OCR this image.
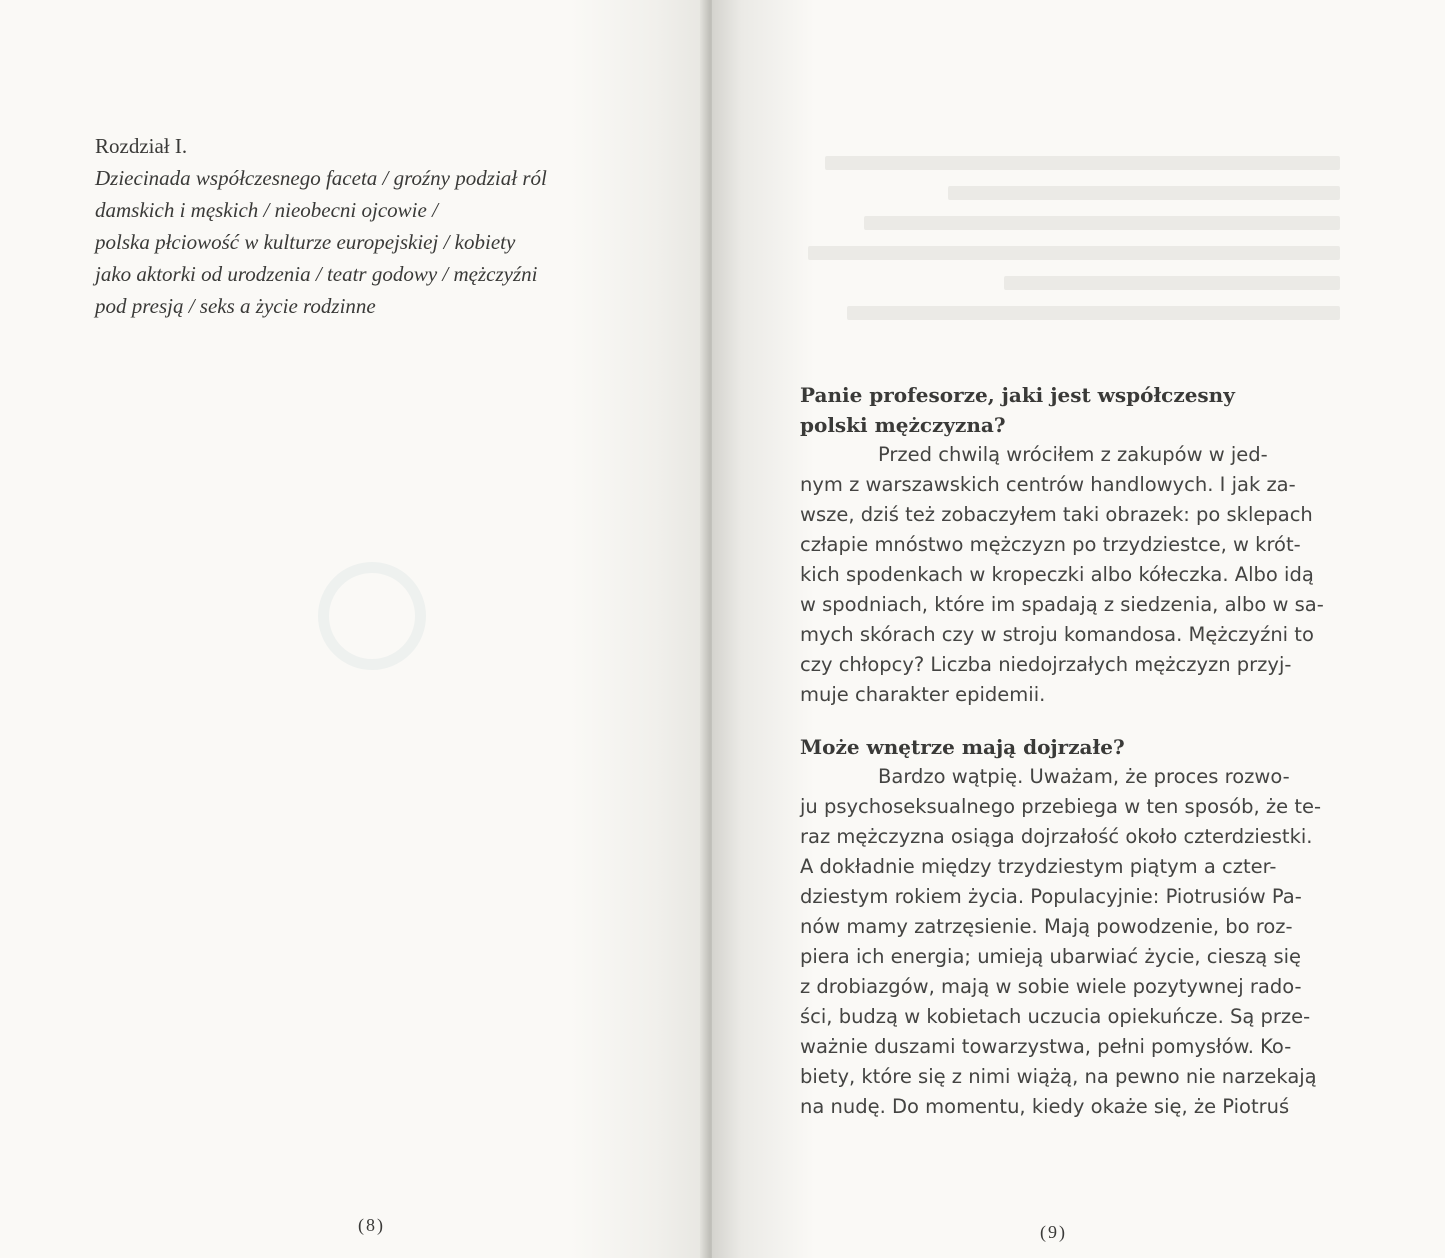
Rozdział I.
Dziecinada współczesnego faceta / groźny podział ról
damskich i męskich / nieobecni ojcowie /
polska płciowość w kulturze europejskiej / kobiety
jako aktorki od urodzenia / teatr godowy / mężczyźni
pod presją / seks a życie rodzinne
(8)

Panie profesorze, jaki jest współczesny
polski mężczyzna?

    Przed chwilą wróciłem z zakupów w jed-
nym z warszawskich centrów handlowych. I jak za-
wsze, dziś też zobaczyłem taki obrazek: po sklepach
człapie mnóstwo mężczyzn po trzydziestce, w krót-
kich spodenkach w kropeczki albo kółeczka. Albo idą
w spodniach, które im spadają z siedzenia, albo w sa-
mych skórach czy w stroju komandosa. Mężczyźni to
czy chłopcy? Liczba niedojrzałych mężczyzn przyj-
muje charakter epidemii.

Może wnętrze mają dojrzałe?

    Bardzo wątpię. Uważam, że proces rozwo-
ju psychoseksualnego przebiega w ten sposób, że te-
raz mężczyzna osiąga dojrzałość około czterdziestki.
A dokładnie między trzydziestym piątym a czter-
dziestym rokiem życia. Populacyjnie: Piotrusiów Pa-
nów mamy zatrzęsienie. Mają powodzenie, bo roz-
piera ich energia; umieją ubarwiać życie, cieszą się
z drobiazgów, mają w sobie wiele pozytywnej rado-
ści, budzą w kobietach uczucia opiekuńcze. Są prze-
ważnie duszami towarzystwa, pełni pomysłów. Ko-
biety, które się z nimi wiążą, na pewno nie narzekają
na nudę. Do momentu, kiedy okaże się, że Piotruś

(9)
